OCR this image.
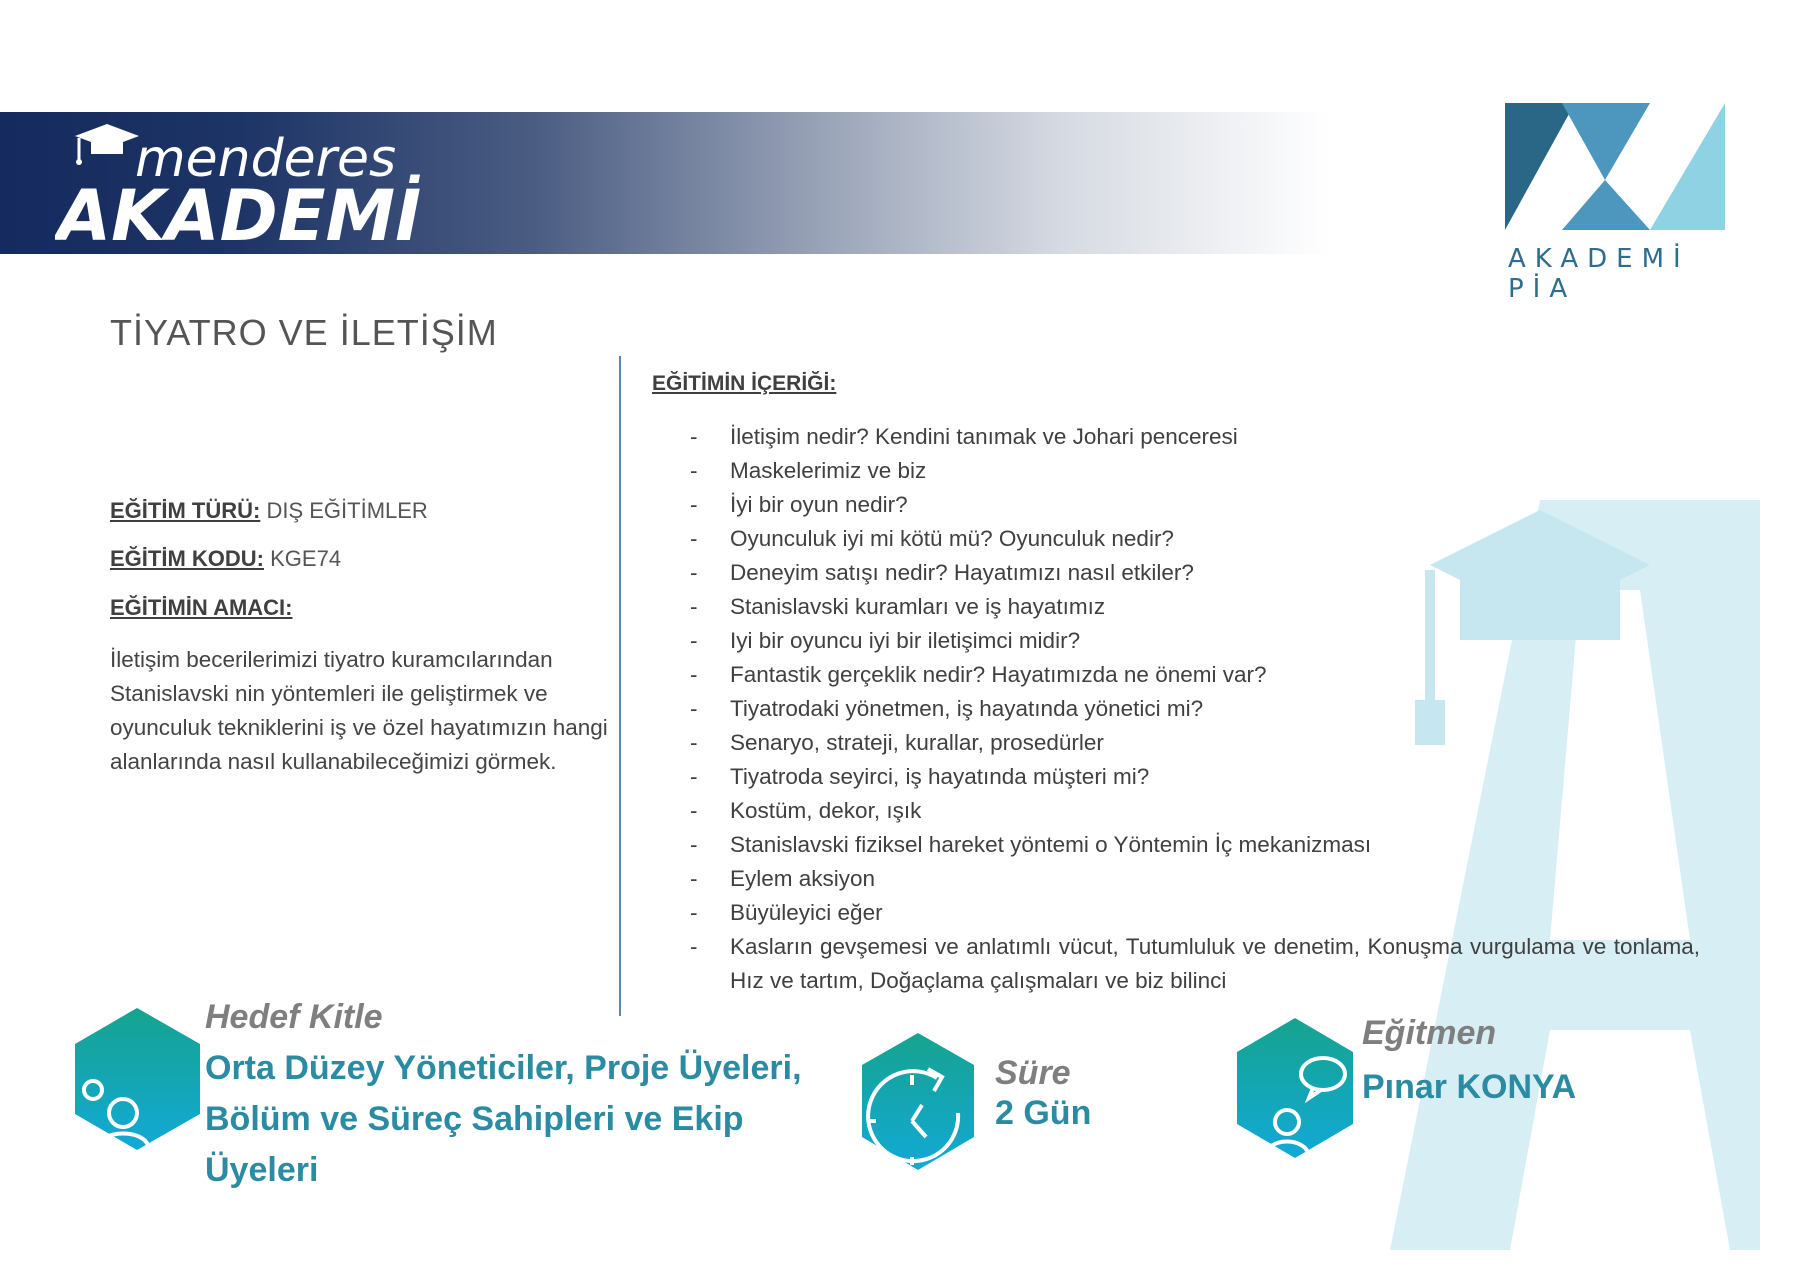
menderes
AKADEMİ
AKADEMİ PİA
TİYATRO VE İLETİŞİM
EĞİTİM TÜRÜ: DIŞ EĞİTİMLER
EĞİTİM KODU: KGE74
EĞİTİMİN AMACI:
İletişim becerilerimizi tiyatro kuramcılarından Stanislavski nin yöntemleri ile geliştirmek ve oyunculuk tekniklerini iş ve özel hayatımızın hangi alanlarında nasıl kullanabileceğimizi görmek.
EĞİTİMİN İÇERİĞİ:
- İletişim nedir? Kendini tanımak ve Johari penceresi
- Maskelerimiz ve biz
- İyi bir oyun nedir?
- Oyunculuk iyi mi kötü mü? Oyunculuk nedir?
- Deneyim satışı nedir? Hayatımızı nasıl etkiler?
- Stanislavski kuramları ve iş hayatımız
- Iyi bir oyuncu iyi bir iletişimci midir?
- Fantastik gerçeklik nedir? Hayatımızda ne önemi var?
- Tiyatrodaki yönetmen, iş hayatında yönetici mi?
- Senaryo, strateji, kurallar, prosedürler
- Tiyatroda seyirci, iş hayatında müşteri mi?
- Kostüm, dekor, ışık
- Stanislavski fiziksel hareket yöntemi o Yöntemin İç mekanizması
- Eylem aksiyon
- Büyüleyici eğer
- Kasların gevşemesi ve anlatımlı vücut, Tutumluluk ve denetim, Konuşma vurgulama ve tonlama, Hız ve tartım, Doğaçlama çalışmaları ve biz bilinci
Hedef Kitle
Orta Düzey Yöneticiler, Proje Üyeleri, Bölüm ve Süreç Sahipleri ve Ekip Üyeleri
Süre
2 Gün
Eğitmen
Pınar KONYA
